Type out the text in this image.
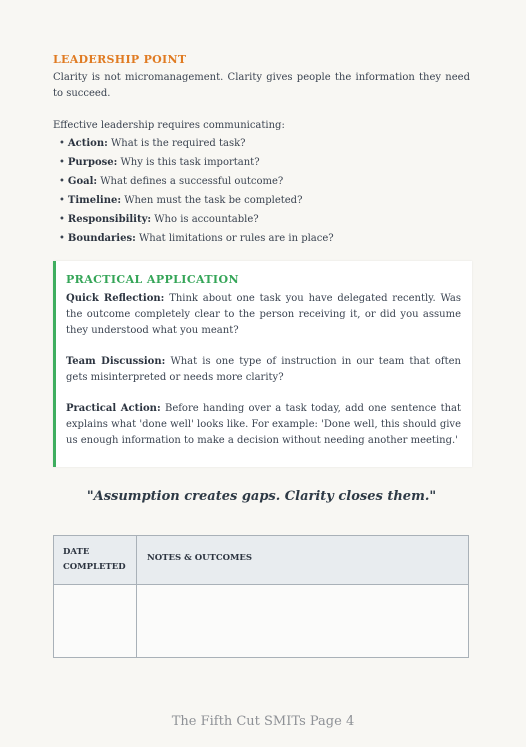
LEADERSHIP POINT
Clarity is not micromanagement. Clarity gives people the information they need to succeed.
Effective leadership requires communicating:
• Action: What is the required task?
• Purpose: Why is this task important?
• Goal: What defines a successful outcome?
• Timeline: When must the task be completed?
• Responsibility: Who is accountable?
• Boundaries: What limitations or rules are in place?
PRACTICAL APPLICATION
Quick Reflection: Think about one task you have delegated recently. Was the outcome completely clear to the person receiving it, or did you assume they understood what you meant?
Team Discussion: What is one type of instruction in our team that often gets misinterpreted or needs more clarity?
Practical Action: Before handing over a task today, add one sentence that explains what 'done well' looks like. For example: 'Done well, this should give us enough information to make a decision without needing another meeting.'
"Assumption creates gaps. Clarity closes them."
DATE COMPLETED
NOTES & OUTCOMES
The Fifth Cut SMITs Page 4
